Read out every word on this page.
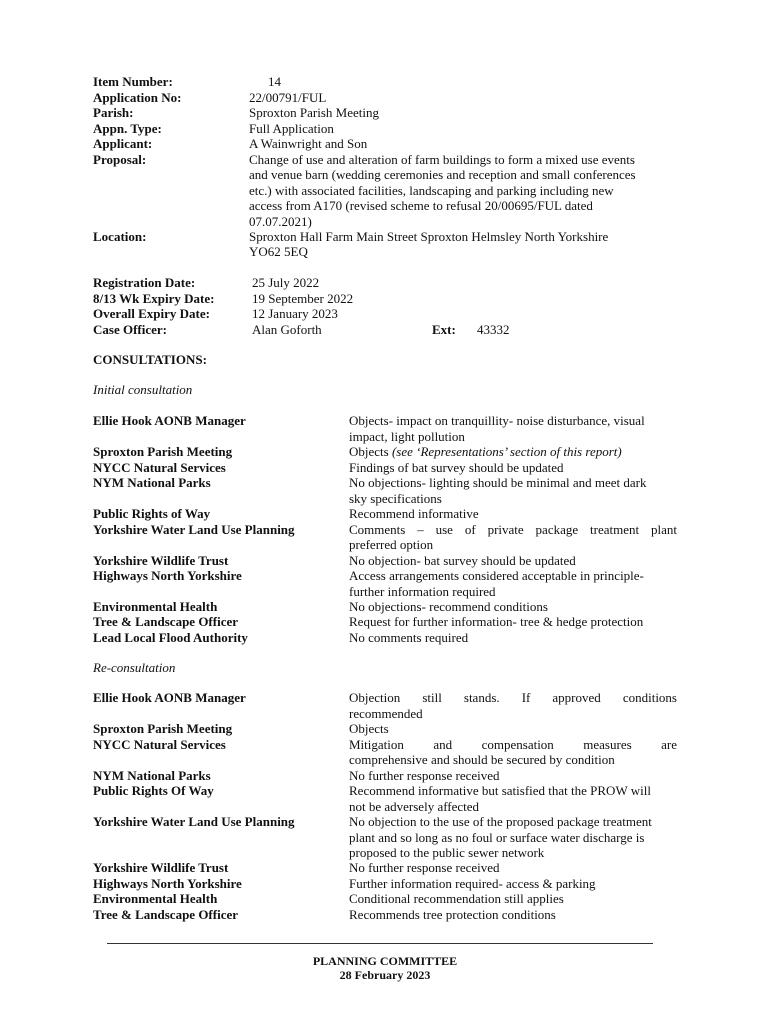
Item Number:	14
Application No:	22/00791/FUL
Parish:	Sproxton Parish Meeting
Appn. Type:	Full Application
Applicant:	A Wainwright and Son
Proposal:	Change of use and alteration of farm buildings to form a mixed use events
and venue barn (wedding ceremonies and reception and small conferences
etc.) with associated facilities, landscaping and parking including new
access from A170 (revised scheme to refusal 20/00695/FUL dated
07.07.2021)
Location:	Sproxton Hall Farm Main Street Sproxton Helmsley North Yorkshire
YO62 5EQ
Registration Date:	25 July 2022
8/13 Wk Expiry Date:	19 September 2022
Overall Expiry Date:	12 January 2023
Case Officer:	Alan Goforth	Ext: 43332
CONSULTATIONS:
Initial consultation
Ellie Hook AONB Manager	Objects- impact on tranquillity- noise disturbance, visual
impact, light pollution
Sproxton Parish Meeting	Objects (see ‘Representations’ section of this report)
NYCC Natural Services	Findings of bat survey should be updated
NYM National Parks	No objections- lighting should be minimal and meet dark
sky specifications
Public Rights of Way	Recommend informative
Yorkshire Water Land Use Planning	Comments – use of private package treatment plant
preferred option
Yorkshire Wildlife Trust	No objection- bat survey should be updated
Highways North Yorkshire	Access arrangements considered acceptable in principle-
further information required
Environmental Health	No objections- recommend conditions
Tree & Landscape Officer	Request for further information- tree & hedge protection
Lead Local Flood Authority	No comments required
Re-consultation
Ellie Hook AONB Manager	Objection still stands. If approved conditions
recommended
Sproxton Parish Meeting	Objects
NYCC Natural Services	Mitigation and compensation measures are
comprehensive and should be secured by condition
NYM National Parks	No further response received
Public Rights Of Way	Recommend informative but satisfied that the PROW will
not be adversely affected
Yorkshire Water Land Use Planning	No objection to the use of the proposed package treatment
plant and so long as no foul or surface water discharge is
proposed to the public sewer network
Yorkshire Wildlife Trust	No further response received
Highways North Yorkshire	Further information required- access & parking
Environmental Health	Conditional recommendation still applies
Tree & Landscape Officer	Recommends tree protection conditions
PLANNING COMMITTEE
28 February 2023
